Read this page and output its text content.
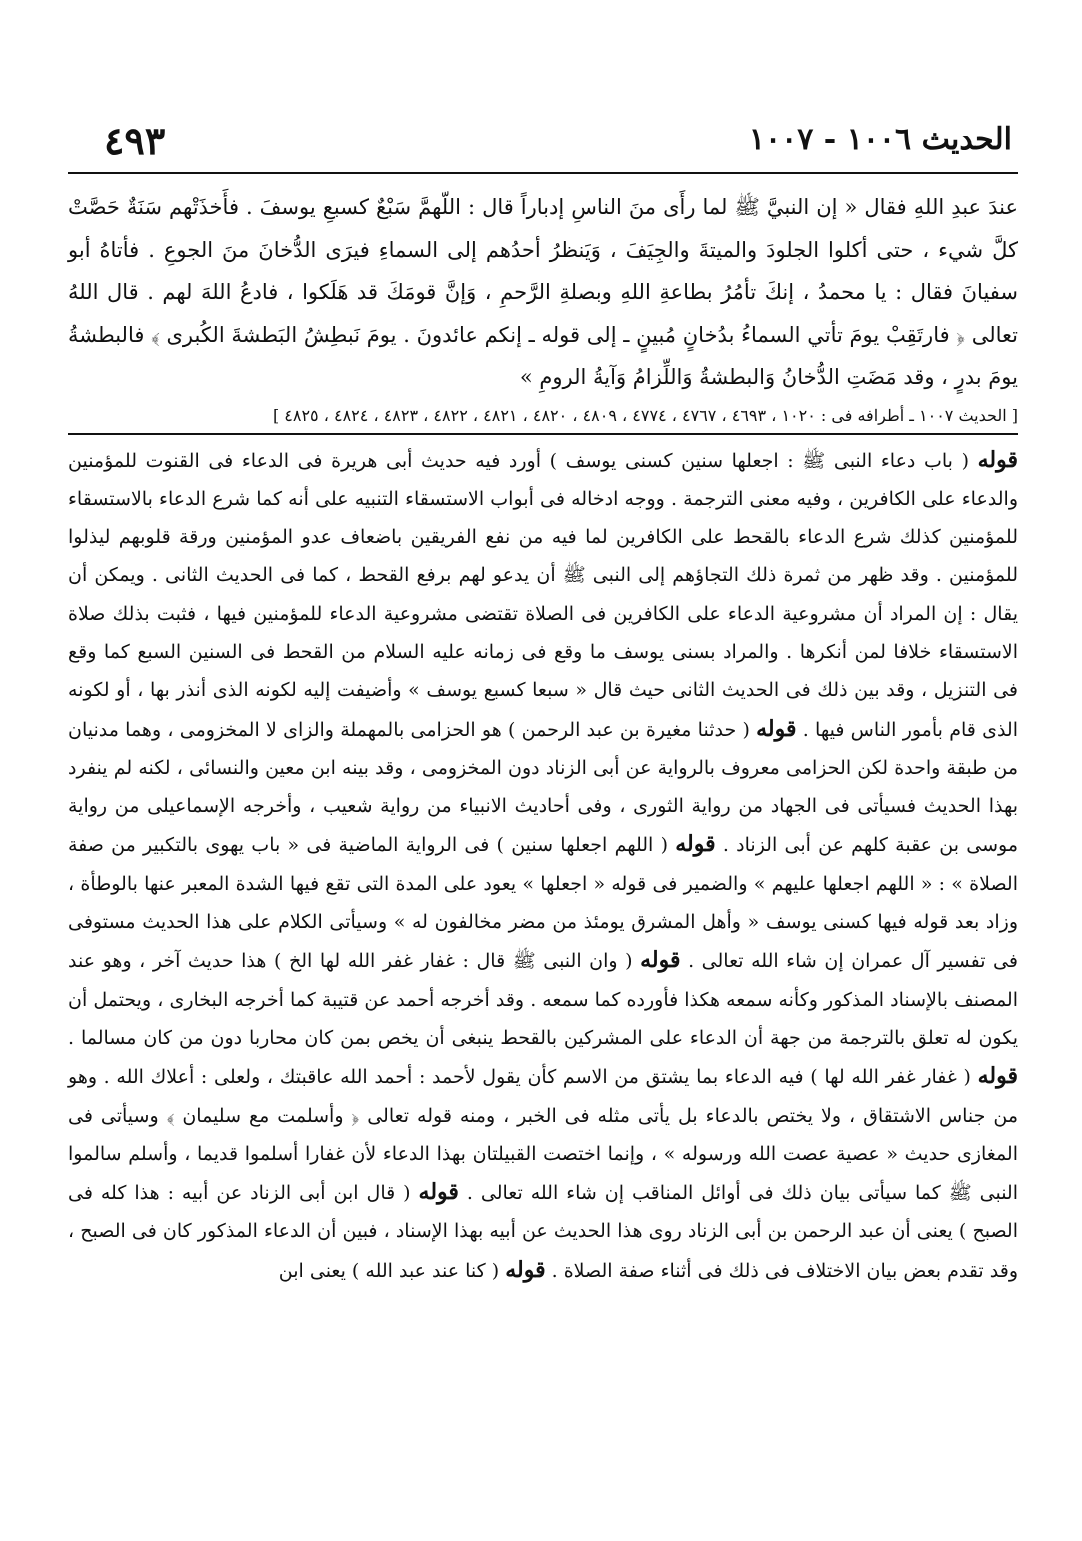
الحديث ١٠٠٦ - ١٠٠٧
٤٩٣

عندَ عبدِ اللهِ فقال « إن النبيَّ ﷺ لما رأَى منَ الناسِ إدباراً قال : اللّهمَّ سَبْعٌ كسبعِ يوسفَ . فأَخذَتْهم سَنَةٌ حَصَّتْ كلَّ شيء ، حتى أكلوا الجلودَ والميتةَ والجِيَفَ ، وَيَنظرُ أحدُهم إلى السماءِ فيرَى الدُّخانَ منَ الجوعِ . فأتاهُ أبو سفيانَ فقال : يا محمدُ ، إنكَ تأمُرُ بطاعةِ اللهِ وبصلةِ الرَّحمِ ، وَإنَّ قومَكَ قد هَلَكوا ، فادعُ اللهَ لهم . قال اللهُ تعالى ﴿ فارتَقِبْ يومَ تأتي السماءُ بدُخانٍ مُبينٍ ـ إلى قوله ـ إنكم عائدونَ . يومَ نَبطِشُ البَطشةَ الكُبرى ﴾ فالبطشةُ يومَ بدرٍ ، وقد مَضَتِ الدُّخانُ وَالبطشةُ وَاللِّزامُ وَآيةُ الرومِ »

[ الحديث ١٠٠٧ ـ أطرافه فى : ١٠٢٠ ، ٤٦٩٣ ، ٤٧٦٧ ، ٤٧٧٤ ، ٤٨٠٩ ، ٤٨٢٠ ، ٤٨٢١ ، ٤٨٢٢ ، ٤٨٢٣ ، ٤٨٢٤ ، ٤٨٢٥ ]

قوله ( باب دعاء النبى ﷺ : اجعلها سنين كسنى يوسف ) أورد فيه حديث أبى هريرة فى الدعاء فى القنوت للمؤمنين والدعاء على الكافرين ، وفيه معنى الترجمة . ووجه ادخاله فى أبواب الاستسقاء التنبيه على أنه كما شرع الدعاء بالاستسقاء للمؤمنين كذلك شرع الدعاء بالقحط على الكافرين لما فيه من نفع الفريقين باضعاف عدو المؤمنين ورقة قلوبهم ليذلوا للمؤمنين . وقد ظهر من ثمرة ذلك التجاؤهم إلى النبى ﷺ أن يدعو لهم برفع القحط ، كما فى الحديث الثانى . ويمكن أن يقال : إن المراد أن مشروعية الدعاء على الكافرين فى الصلاة تقتضى مشروعية الدعاء للمؤمنين فيها ، فثبت بذلك صلاة الاستسقاء خلافا لمن أنكرها . والمراد بسنى يوسف ما وقع فى زمانه عليه السلام من القحط فى السنين السبع كما وقع فى التنزيل ، وقد بين ذلك فى الحديث الثانى حيث قال « سبعا كسبع يوسف » وأضيفت إليه لكونه الذى أنذر بها ، أو لكونه الذى قام بأمور الناس فيها . قوله ( حدثنا مغيرة بن عبد الرحمن ) هو الحزامى بالمهملة والزاى لا المخزومى ، وهما مدنيان من طبقة واحدة لكن الحزامى معروف بالرواية عن أبى الزناد دون المخزومى ، وقد بينه ابن معين والنسائى ، لكنه لم ينفرد بهذا الحديث فسيأتى فى الجهاد من رواية الثورى ، وفى أحاديث الانبياء من رواية شعيب ، وأخرجه الإسماعيلى من رواية موسى بن عقبة كلهم عن أبى الزناد . قوله ( اللهم اجعلها سنين ) فى الرواية الماضية فى « باب يهوى بالتكبير من صفة الصلاة » : « اللهم اجعلها عليهم » والضمير فى قوله « اجعلها » يعود على المدة التى تقع فيها الشدة المعبر عنها بالوطأة ، وزاد بعد قوله فيها كسنى يوسف « وأهل المشرق يومئذ من مضر مخالفون له » وسيأتى الكلام على هذا الحديث مستوفى فى تفسير آل عمران إن شاء الله تعالى . قوله ( وان النبى ﷺ قال : غفار غفر الله لها الخ ) هذا حديث آخر ، وهو عند المصنف بالإسناد المذكور وكأنه سمعه هكذا فأورده كما سمعه . وقد أخرجه أحمد عن قتيبة كما أخرجه البخارى ، ويحتمل أن يكون له تعلق بالترجمة من جهة أن الدعاء على المشركين بالقحط ينبغى أن يخص بمن كان محاربا دون من كان مسالما . قوله ( غفار غفر الله لها ) فيه الدعاء بما يشتق من الاسم كأن يقول لأحمد : أحمد الله عاقبتك ، ولعلى : أعلاك الله . وهو من جناس الاشتقاق ، ولا يختص بالدعاء بل يأتى مثله فى الخبر ، ومنه قوله تعالى ﴿ وأسلمت مع سليمان ﴾ وسيأتى فى المغازى حديث « عصية عصت الله ورسوله » ، وإنما اختصت القبيلتان بهذا الدعاء لأن غفارا أسلموا قديما ، وأسلم سالموا النبى ﷺ كما سيأتى بيان ذلك فى أوائل المناقب إن شاء الله تعالى . قوله ( قال ابن أبى الزناد عن أبيه : هذا كله فى الصبح ) يعنى أن عبد الرحمن بن أبى الزناد روى هذا الحديث عن أبيه بهذا الإسناد ، فبين أن الدعاء المذكور كان فى الصبح ، وقد تقدم بعض بيان الاختلاف فى ذلك فى أثناء صفة الصلاة . قوله ( كنا عند عبد الله ) يعنى ابن
